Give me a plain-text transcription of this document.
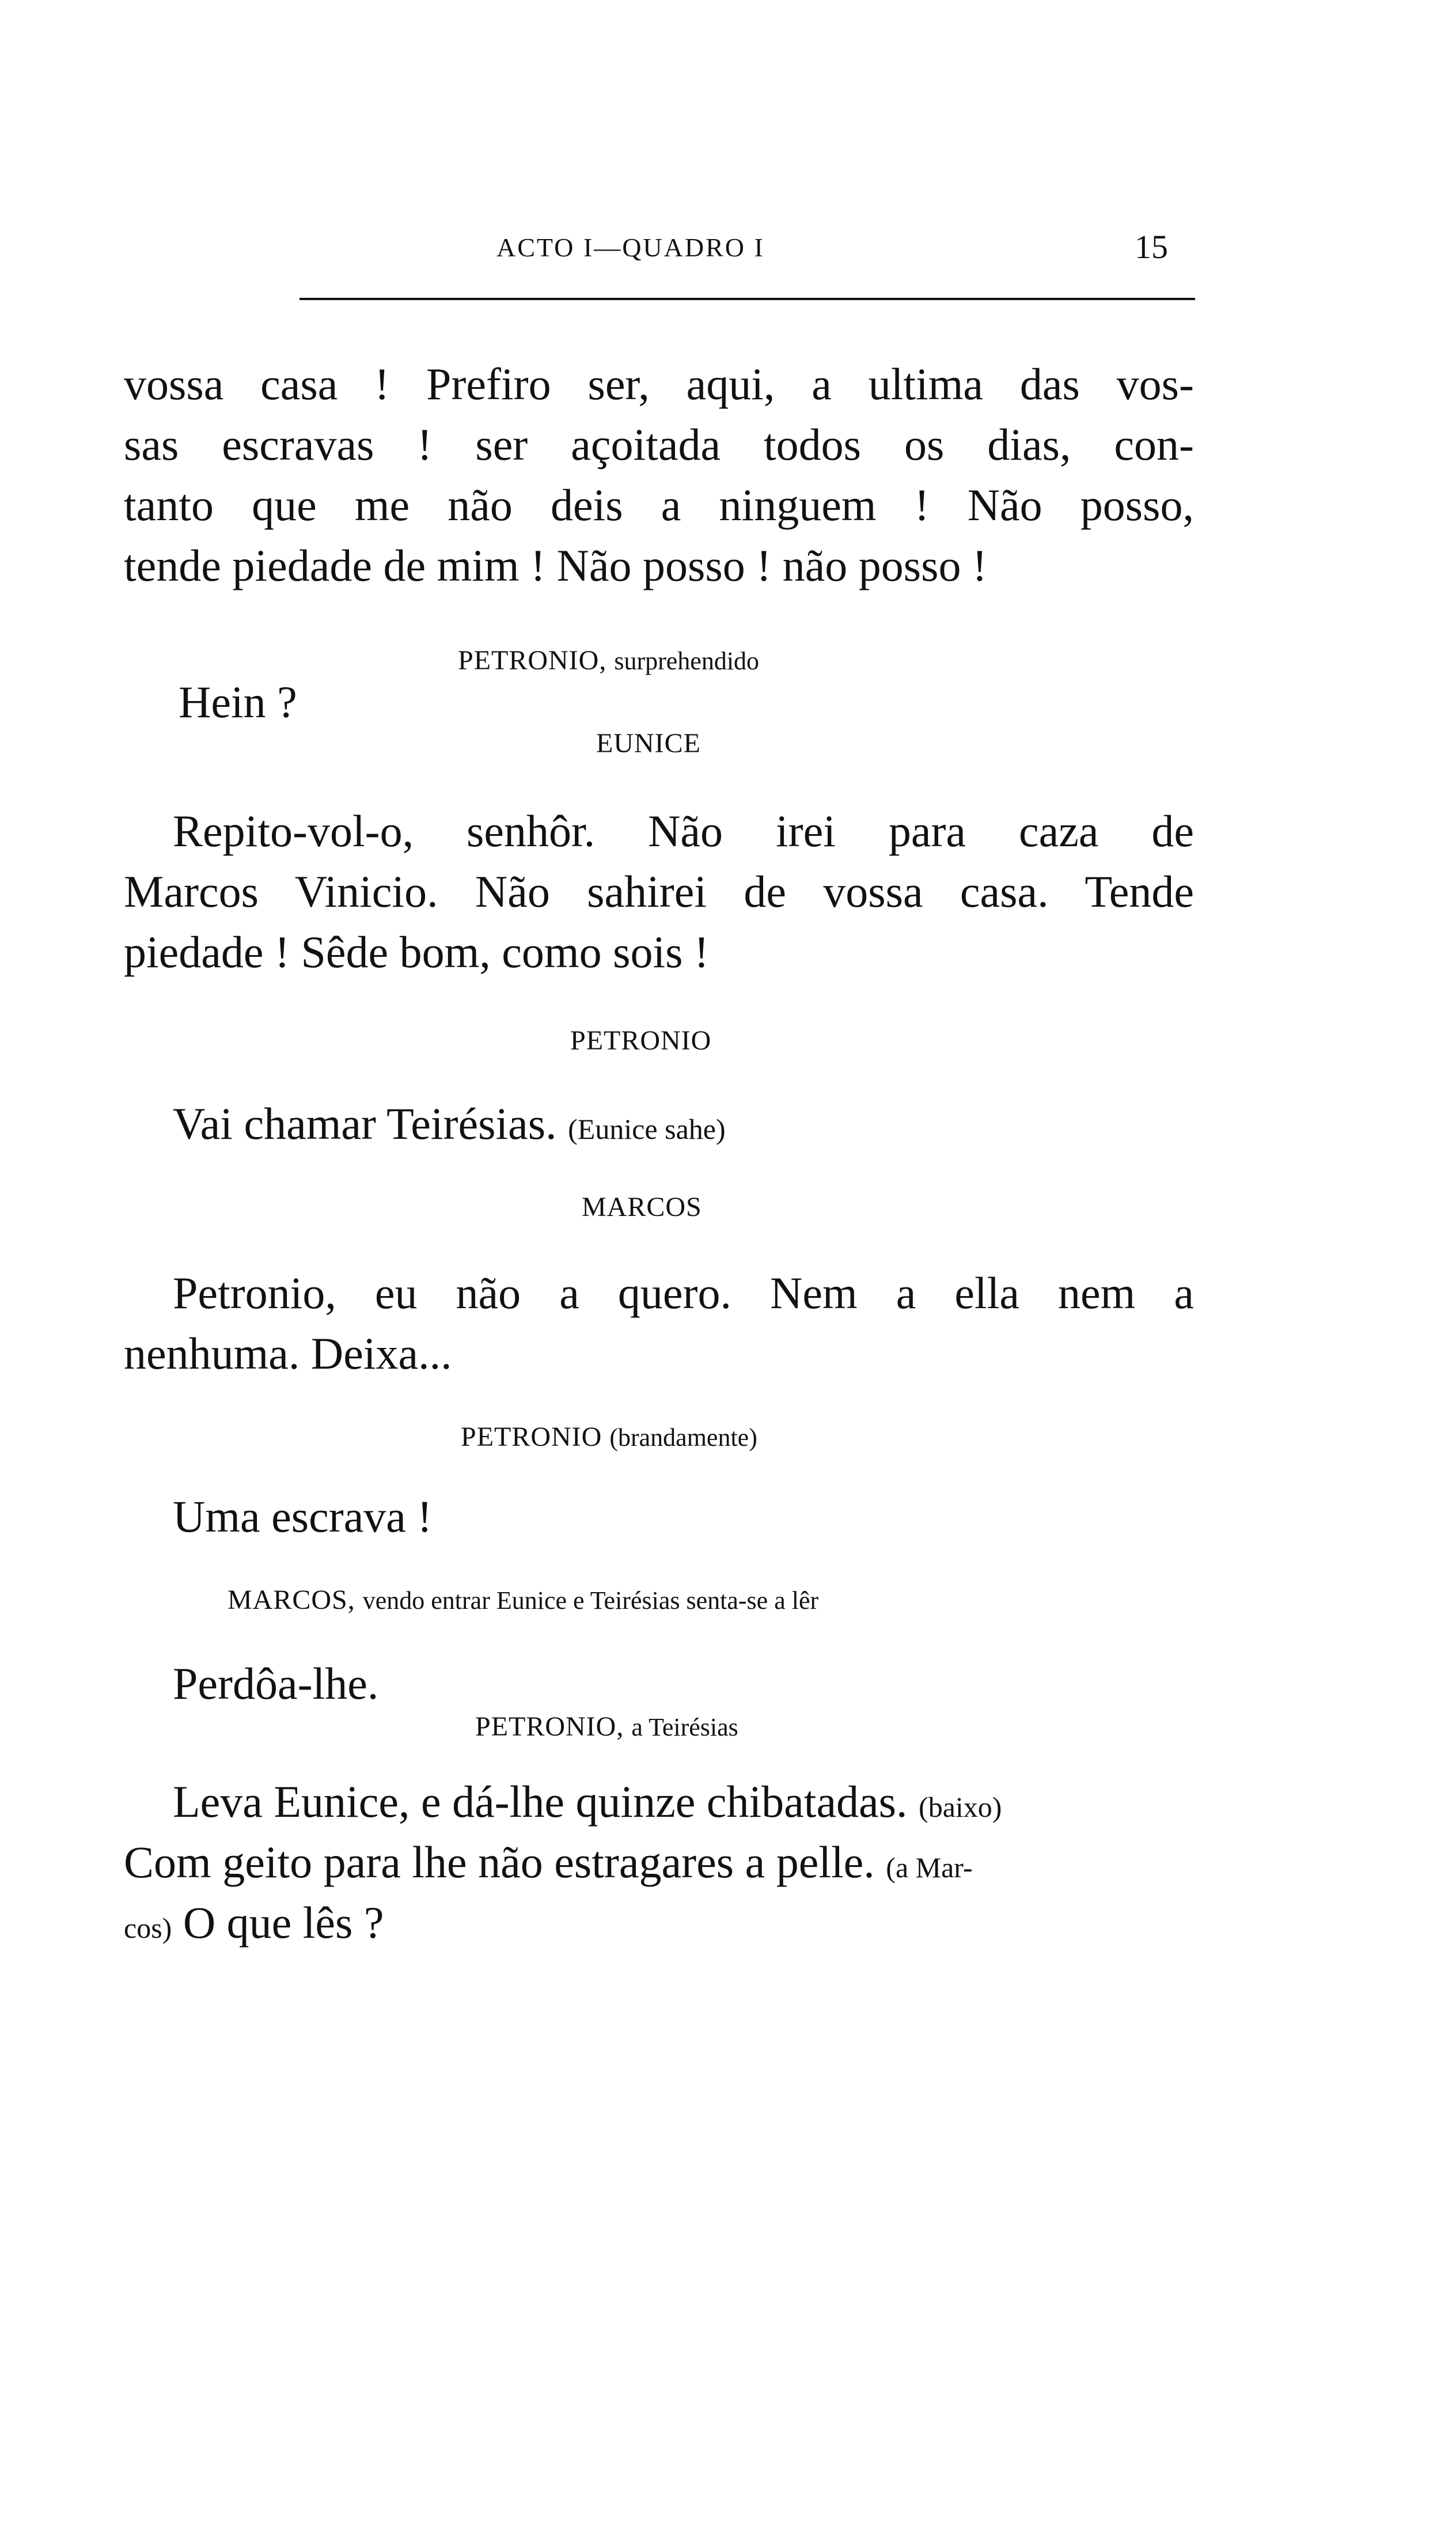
ACTO I—QUADRO I	15
vossa casa ! Prefiro ser, aqui, a ultima das vos-
sas escravas ! ser açoitada todos os dias, con-
tanto que me não deis a ninguem ! Não posso,
tende piedade de mim ! Não posso ! não posso !
PETRONIO, surprehendido
Hein ?
EUNICE
Repito-vol-o, senhôr. Não irei para caza de
Marcos Vinicio. Não sahirei de vossa casa. Tende
piedade ! Sêde bom, como sois !
PETRONIO
Vai chamar Teirésias. (Eunice sahe)
MARCOS
Petronio, eu não a quero. Nem a ella nem a
nenhuma. Deixa...
PETRONIO (brandamente)
Uma escrava !
MARCOS, vendo entrar Eunice e Teirésias senta-se a lêr
Perdôa-lhe.
PETRONIO, a Teirésias
Leva Eunice, e dá-lhe quinze chibatadas. (baixo)
Com geito para lhe não estragares a pelle. (a Mar-
cos) O que lês ?
